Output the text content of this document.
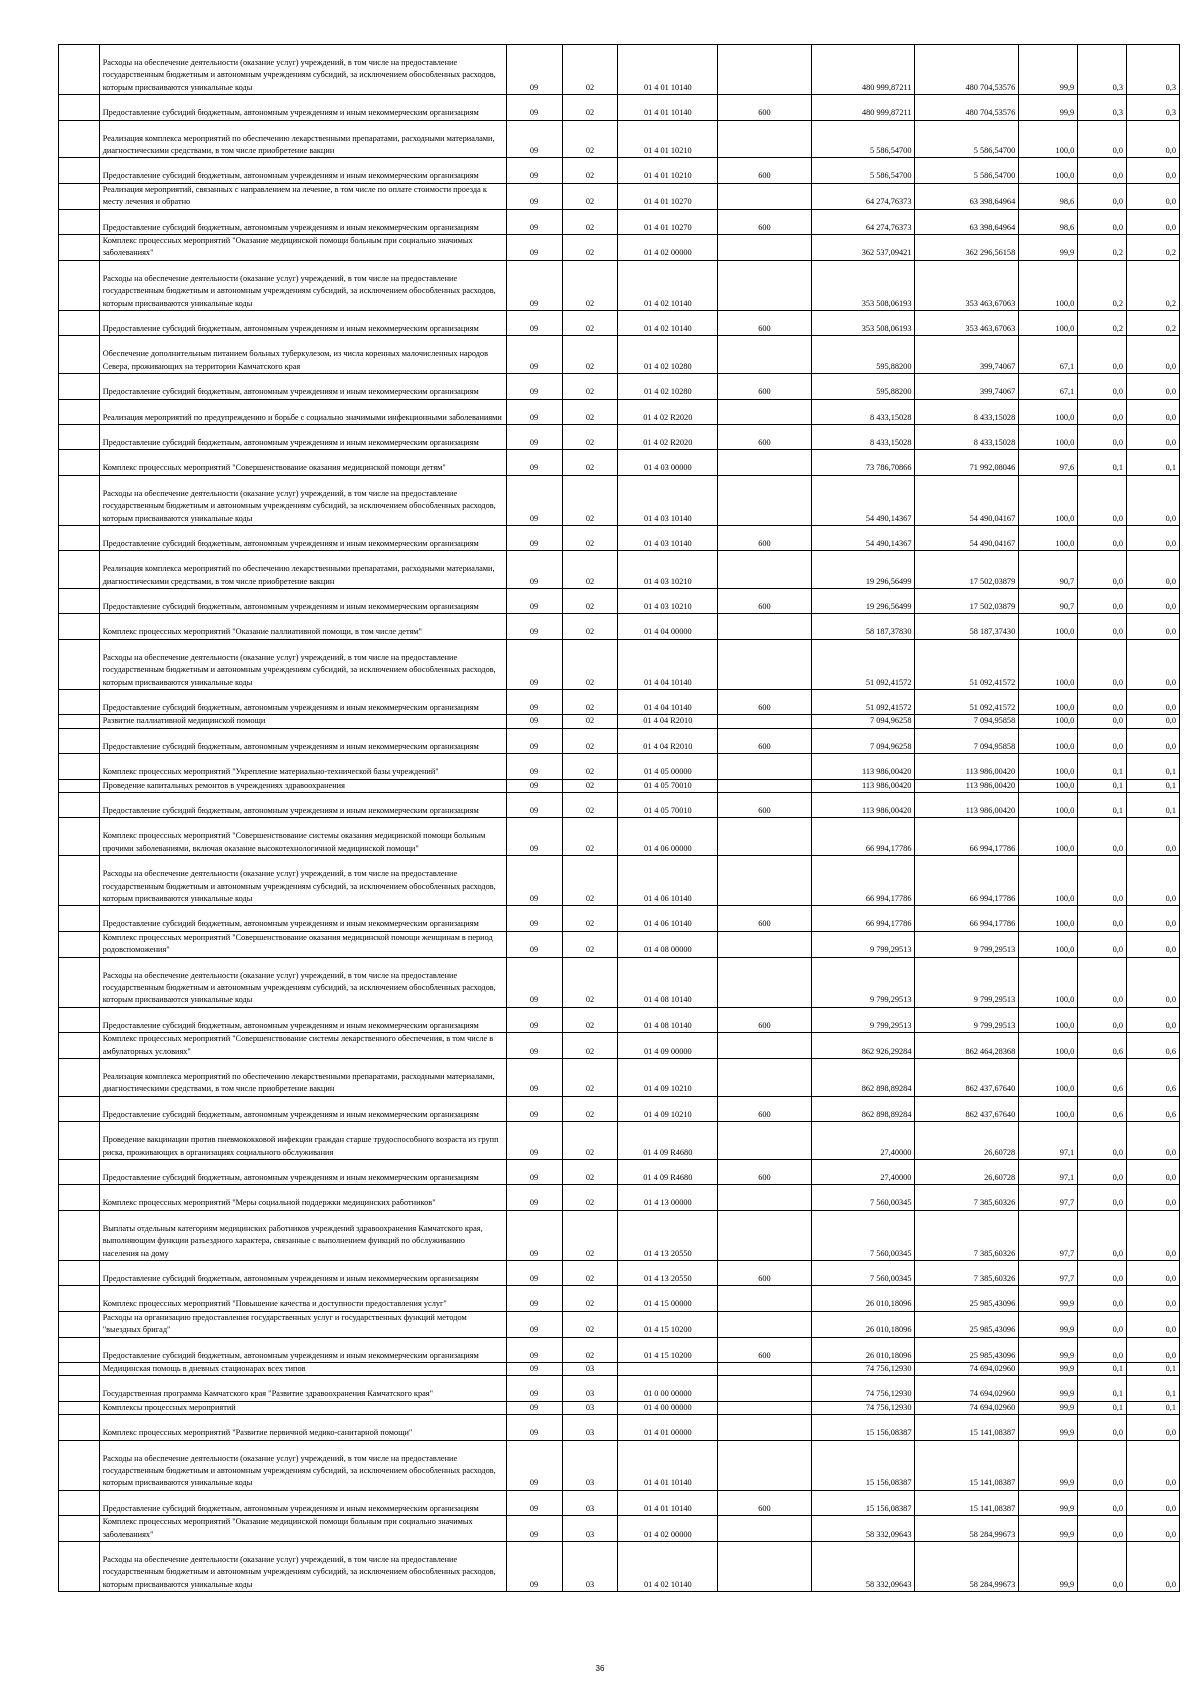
	Расходы на обеспечение деятельности (оказание услуг) учреждений, в том числе на предоставление государственным бюджетным и автономным учреждениям субсидий, за исключением обособленных расходов, которым присваиваются уникальные коды	09	02	01 4 01 10140		480 999,87211	480 704,53576	99,9	0,3	0,3
	Предоставление субсидий бюджетным, автономным учреждениям и иным некоммерческим организациям	09	02	01 4 01 10140	600	480 999,87211	480 704,53576	99,9	0,3	0,3
	Реализация комплекса мероприятий по обеспечению лекарственными препаратами, расходными материалами, диагностическими средствами, в том числе приобретение вакцин	09	02	01 4 01 10210		5 586,54700	5 586,54700	100,0	0,0	0,0
	Предоставление субсидий бюджетным, автономным учреждениям и иным некоммерческим организациям	09	02	01 4 01 10210	600	5 586,54700	5 586,54700	100,0	0,0	0,0
	Реализация мероприятий, связанных с направлением на лечение, в том числе по оплате стоимости проезда к месту лечения и обратно	09	02	01 4 01 10270		64 274,76373	63 398,64964	98,6	0,0	0,0
	Предоставление субсидий бюджетным, автономным учреждениям и иным некоммерческим организациям	09	02	01 4 01 10270	600	64 274,76373	63 398,64964	98,6	0,0	0,0
	Комплекс процессных мероприятий "Оказание медицинской помощи больным при социально значимых заболеваниях"	09	02	01 4 02 00000		362 537,09421	362 296,56158	99,9	0,2	0,2
	Расходы на обеспечение деятельности (оказание услуг) учреждений, в том числе на предоставление государственным бюджетным и автономным учреждениям субсидий, за исключением обособленных расходов, которым присваиваются уникальные коды	09	02	01 4 02 10140		353 508,06193	353 463,67063	100,0	0,2	0,2
	Предоставление субсидий бюджетным, автономным учреждениям и иным некоммерческим организациям	09	02	01 4 02 10140	600	353 508,06193	353 463,67063	100,0	0,2	0,2
	Обеспечение дополнительным питанием больных туберкулезом, из числа коренных малочисленных народов Севера, проживающих на территории Камчатского края	09	02	01 4 02 10280		595,88200	399,74067	67,1	0,0	0,0
	Предоставление субсидий бюджетным, автономным учреждениям и иным некоммерческим организациям	09	02	01 4 02 10280	600	595,88200	399,74067	67,1	0,0	0,0
	Реализация мероприятий по предупреждению и борьбе с социально значимыми инфекционными заболеваниями	09	02	01 4 02 R2020		8 433,15028	8 433,15028	100,0	0,0	0,0
	Предоставление субсидий бюджетным, автономным учреждениям и иным некоммерческим организациям	09	02	01 4 02 R2020	600	8 433,15028	8 433,15028	100,0	0,0	0,0
	Комплекс процессных мероприятий "Совершенствование оказания медицинской помощи детям"	09	02	01 4 03 00000		73 786,70866	71 992,08046	97,6	0,1	0,1
	Расходы на обеспечение деятельности (оказание услуг) учреждений, в том числе на предоставление государственным бюджетным и автономным учреждениям субсидий, за исключением обособленных расходов, которым присваиваются уникальные коды	09	02	01 4 03 10140		54 490,14367	54 490,04167	100,0	0,0	0,0
	Предоставление субсидий бюджетным, автономным учреждениям и иным некоммерческим организациям	09	02	01 4 03 10140	600	54 490,14367	54 490,04167	100,0	0,0	0,0
	Реализация комплекса мероприятий по обеспечению лекарственными препаратами, расходными материалами, диагностическими средствами, в том числе приобретение вакцин	09	02	01 4 03 10210		19 296,56499	17 502,03879	90,7	0,0	0,0
	Предоставление субсидий бюджетным, автономным учреждениям и иным некоммерческим организациям	09	02	01 4 03 10210	600	19 296,56499	17 502,03879	90,7	0,0	0,0
	Комплекс процессных мероприятий "Оказание паллиативной помощи, в том числе детям"	09	02	01 4 04 00000		58 187,37830	58 187,37430	100,0	0,0	0,0
	Расходы на обеспечение деятельности (оказание услуг) учреждений, в том числе на предоставление государственным бюджетным и автономным учреждениям субсидий, за исключением обособленных расходов, которым присваиваются уникальные коды	09	02	01 4 04 10140		51 092,41572	51 092,41572	100,0	0,0	0,0
	Предоставление субсидий бюджетным, автономным учреждениям и иным некоммерческим организациям	09	02	01 4 04 10140	600	51 092,41572	51 092,41572	100,0	0,0	0,0
	Развитие паллиативной медицинской помощи	09	02	01 4 04 R2010		7 094,96258	7 094,95858	100,0	0,0	0,0
	Предоставление субсидий бюджетным, автономным учреждениям и иным некоммерческим организациям	09	02	01 4 04 R2010	600	7 094,96258	7 094,95858	100,0	0,0	0,0
	Комплекс процессных мероприятий "Укрепление материально-технической базы учреждений"	09	02	01 4 05 00000		113 986,00420	113 986,00420	100,0	0,1	0,1
	Проведение капитальных ремонтов в учреждениях здравоохранения	09	02	01 4 05 70010		113 986,00420	113 986,00420	100,0	0,1	0,1
	Предоставление субсидий бюджетным, автономным учреждениям и иным некоммерческим организациям	09	02	01 4 05 70010	600	113 986,00420	113 986,00420	100,0	0,1	0,1
	Комплекс процессных мероприятий "Совершенствование системы оказания медицинской помощи больным прочими заболеваниями, включая оказание высокотехнологичной медицинской помощи"	09	02	01 4 06 00000		66 994,17786	66 994,17786	100,0	0,0	0,0
	Расходы на обеспечение деятельности (оказание услуг) учреждений, в том числе на предоставление государственным бюджетным и автономным учреждениям субсидий, за исключением обособленных расходов, которым присваиваются уникальные коды	09	02	01 4 06 10140		66 994,17786	66 994,17786	100,0	0,0	0,0
	Предоставление субсидий бюджетным, автономным учреждениям и иным некоммерческим организациям	09	02	01 4 06 10140	600	66 994,17786	66 994,17786	100,0	0,0	0,0
	Комплекс процессных мероприятий "Совершенствование оказания медицинской помощи женщинам в период родовспоможения"	09	02	01 4 08 00000		9 799,29513	9 799,29513	100,0	0,0	0,0
	Расходы на обеспечение деятельности (оказание услуг) учреждений, в том числе на предоставление государственным бюджетным и автономным учреждениям субсидий, за исключением обособленных расходов, которым присваиваются уникальные коды	09	02	01 4 08 10140		9 799,29513	9 799,29513	100,0	0,0	0,0
	Предоставление субсидий бюджетным, автономным учреждениям и иным некоммерческим организациям	09	02	01 4 08 10140	600	9 799,29513	9 799,29513	100,0	0,0	0,0
	Комплекс процессных мероприятий "Совершенствование системы лекарственного обеспечения, в том числе в амбулаторных условиях"	09	02	01 4 09 00000		862 926,29284	862 464,28368	100,0	0,6	0,6
	Реализация комплекса мероприятий по обеспечению лекарственными препаратами, расходными материалами, диагностическими средствами, в том числе приобретение вакцин	09	02	01 4 09 10210		862 898,89284	862 437,67640	100,0	0,6	0,6
	Предоставление субсидий бюджетным, автономным учреждениям и иным некоммерческим организациям	09	02	01 4 09 10210	600	862 898,89284	862 437,67640	100,0	0,6	0,6
	Проведение вакцинации против пневмококковой инфекции граждан старше трудоспособного возраста из групп риска, проживающих в организациях социального обслуживания	09	02	01 4 09 R4680		27,40000	26,60728	97,1	0,0	0,0
	Предоставление субсидий бюджетным, автономным учреждениям и иным некоммерческим организациям	09	02	01 4 09 R4680	600	27,40000	26,60728	97,1	0,0	0,0
	Комплекс процессных мероприятий "Меры социальной поддержки медицинских работников"	09	02	01 4 13 00000		7 560,00345	7 385,60326	97,7	0,0	0,0
	Выплаты отдельным категориям медицинских работников учреждений здравоохранения Камчатского края, выполняющим функции разъездного характера, связанные с выполнением функций по обслуживанию населения на дому	09	02	01 4 13 20550		7 560,00345	7 385,60326	97,7	0,0	0,0
	Предоставление субсидий бюджетным, автономным учреждениям и иным некоммерческим организациям	09	02	01 4 13 20550	600	7 560,00345	7 385,60326	97,7	0,0	0,0
	Комплекс процессных мероприятий "Повышение качества и доступности предоставления услуг"	09	02	01 4 15 00000		26 010,18096	25 985,43096	99,9	0,0	0,0
	Расходы на организацию предоставления государственных услуг и государственных функций методом "выездных бригад"	09	02	01 4 15 10200		26 010,18096	25 985,43096	99,9	0,0	0,0
	Предоставление субсидий бюджетным, автономным учреждениям и иным некоммерческим организациям	09	02	01 4 15 10200	600	26 010,18096	25 985,43096	99,9	0,0	0,0
	Медицинская помощь в дневных стационарах всех типов	09	03			74 756,12930	74 694,02960	99,9	0,1	0,1
	Государственная программа Камчатского края "Развитие здравоохранения Камчатского края"	09	03	01 0 00 00000		74 756,12930	74 694,02960	99,9	0,1	0,1
	Комплексы процессных мероприятий	09	03	01 4 00 00000		74 756,12930	74 694,02960	99,9	0,1	0,1
	Комплекс процессных мероприятий "Развитие первичной медико-санитарной помощи"	09	03	01 4 01 00000		15 156,08387	15 141,08387	99,9	0,0	0,0
	Расходы на обеспечение деятельности (оказание услуг) учреждений, в том числе на предоставление государственным бюджетным и автономным учреждениям субсидий, за исключением обособленных расходов, которым присваиваются уникальные коды	09	03	01 4 01 10140		15 156,08387	15 141,08387	99,9	0,0	0,0
	Предоставление субсидий бюджетным, автономным учреждениям и иным некоммерческим организациям	09	03	01 4 01 10140	600	15 156,08387	15 141,08387	99,9	0,0	0,0
	Комплекс процессных мероприятий "Оказание медицинской помощи больным при социально значимых заболеваниях"	09	03	01 4 02 00000		58 332,09643	58 284,99673	99,9	0,0	0,0
	Расходы на обеспечение деятельности (оказание услуг) учреждений, в том числе на предоставление государственным бюджетным и автономным учреждениям субсидий, за исключением обособленных расходов, которым присваиваются уникальные коды	09	03	01 4 02 10140		58 332,09643	58 284,99673	99,9	0,0	0,0
36
